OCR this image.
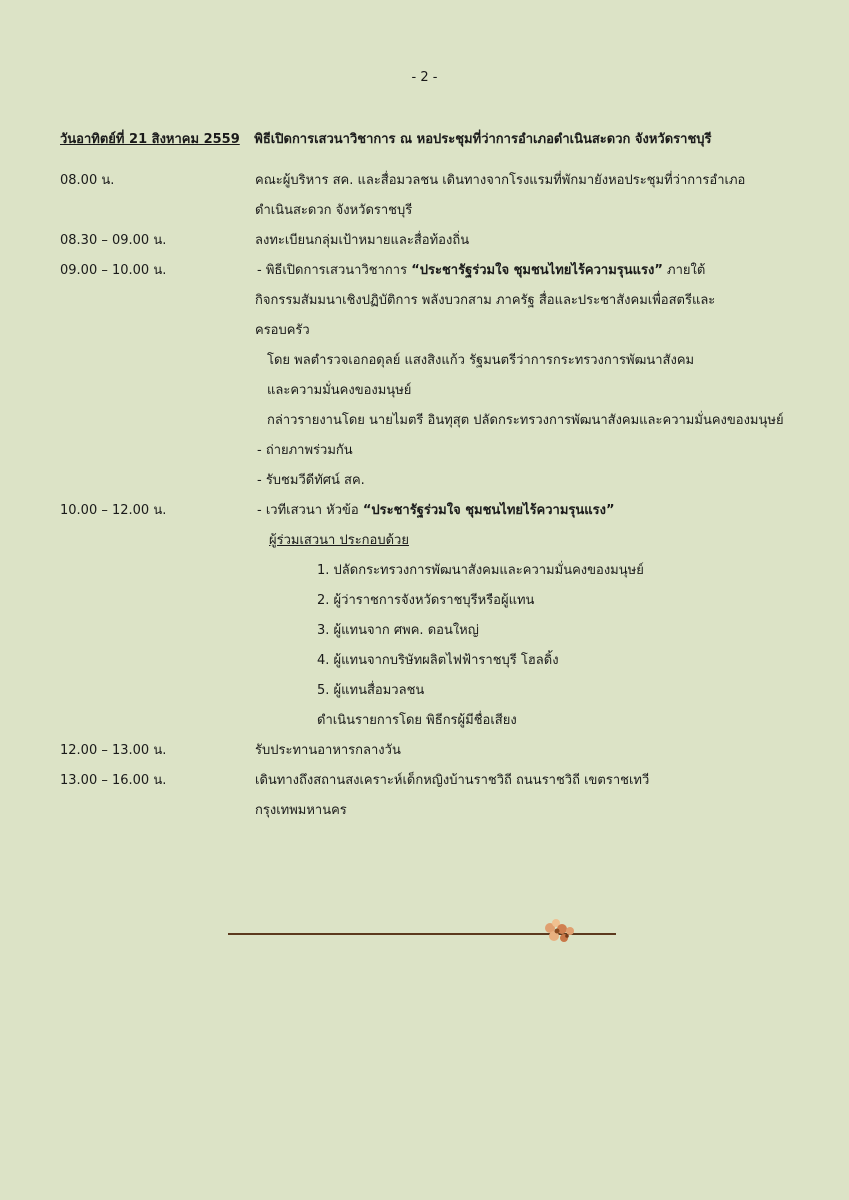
- 2 -
วันอาทิตย์ที่ 21 สิงหาคม 2559 พิธีเปิดการเสวนาวิชาการ ณ หอประชุมที่ว่าการอำเภอดำเนินสะดวก จังหวัดราชบุรี
08.00 น.	คณะผู้บริหาร สค. และสื่อมวลชน เดินทางจากโรงแรมที่พักมายังหอประชุมที่ว่าการอำเภอ
ดำเนินสะดวก จังหวัดราชบุรี
08.30 – 09.00 น.	ลงทะเบียนกลุ่มเป้าหมายและสื่อท้องถิ่น
09.00 – 10.00 น.	- พิธีเปิดการเสวนาวิชาการ “ประชารัฐร่วมใจ ชุมชนไทยไร้ความรุนแรง” ภายใต้
กิจกรรมสัมมนาเชิงปฏิบัติการ พลังบวกสาม ภาครัฐ สื่อและประชาสังคมเพื่อสตรีและ
ครอบครัว
โดย พลตำรวจเอกอดุลย์ แสงสิงแก้ว รัฐมนตรีว่าการกระทรวงการพัฒนาสังคม
และความมั่นคงของมนุษย์
กล่าวรายงานโดย นายไมตรี อินทุสุต ปลัดกระทรวงการพัฒนาสังคมและความมั่นคงของมนุษย์
- ถ่ายภาพร่วมกัน
- รับชมวีดีทัศน์ สค.
10.00 – 12.00 น.	- เวทีเสวนา หัวข้อ “ประชารัฐร่วมใจ ชุมชนไทยไร้ความรุนแรง”
ผู้ร่วมเสวนา ประกอบด้วย
1. ปลัดกระทรวงการพัฒนาสังคมและความมั่นคงของมนุษย์
2. ผู้ว่าราชการจังหวัดราชบุรีหรือผู้แทน
3. ผู้แทนจาก ศพค. ดอนใหญ่
4. ผู้แทนจากบริษัทผลิตไฟฟ้าราชบุรี โฮลดิ้ง
5. ผู้แทนสื่อมวลชน
ดำเนินรายการโดย พิธีกรผู้มีชื่อเสียง
12.00 – 13.00 น.	รับประทานอาหารกลางวัน
13.00 – 16.00 น.	เดินทางถึงสถานสงเคราะห์เด็กหญิงบ้านราชวิถี ถนนราชวิถี เขตราชเทวี
กรุงเทพมหานคร
